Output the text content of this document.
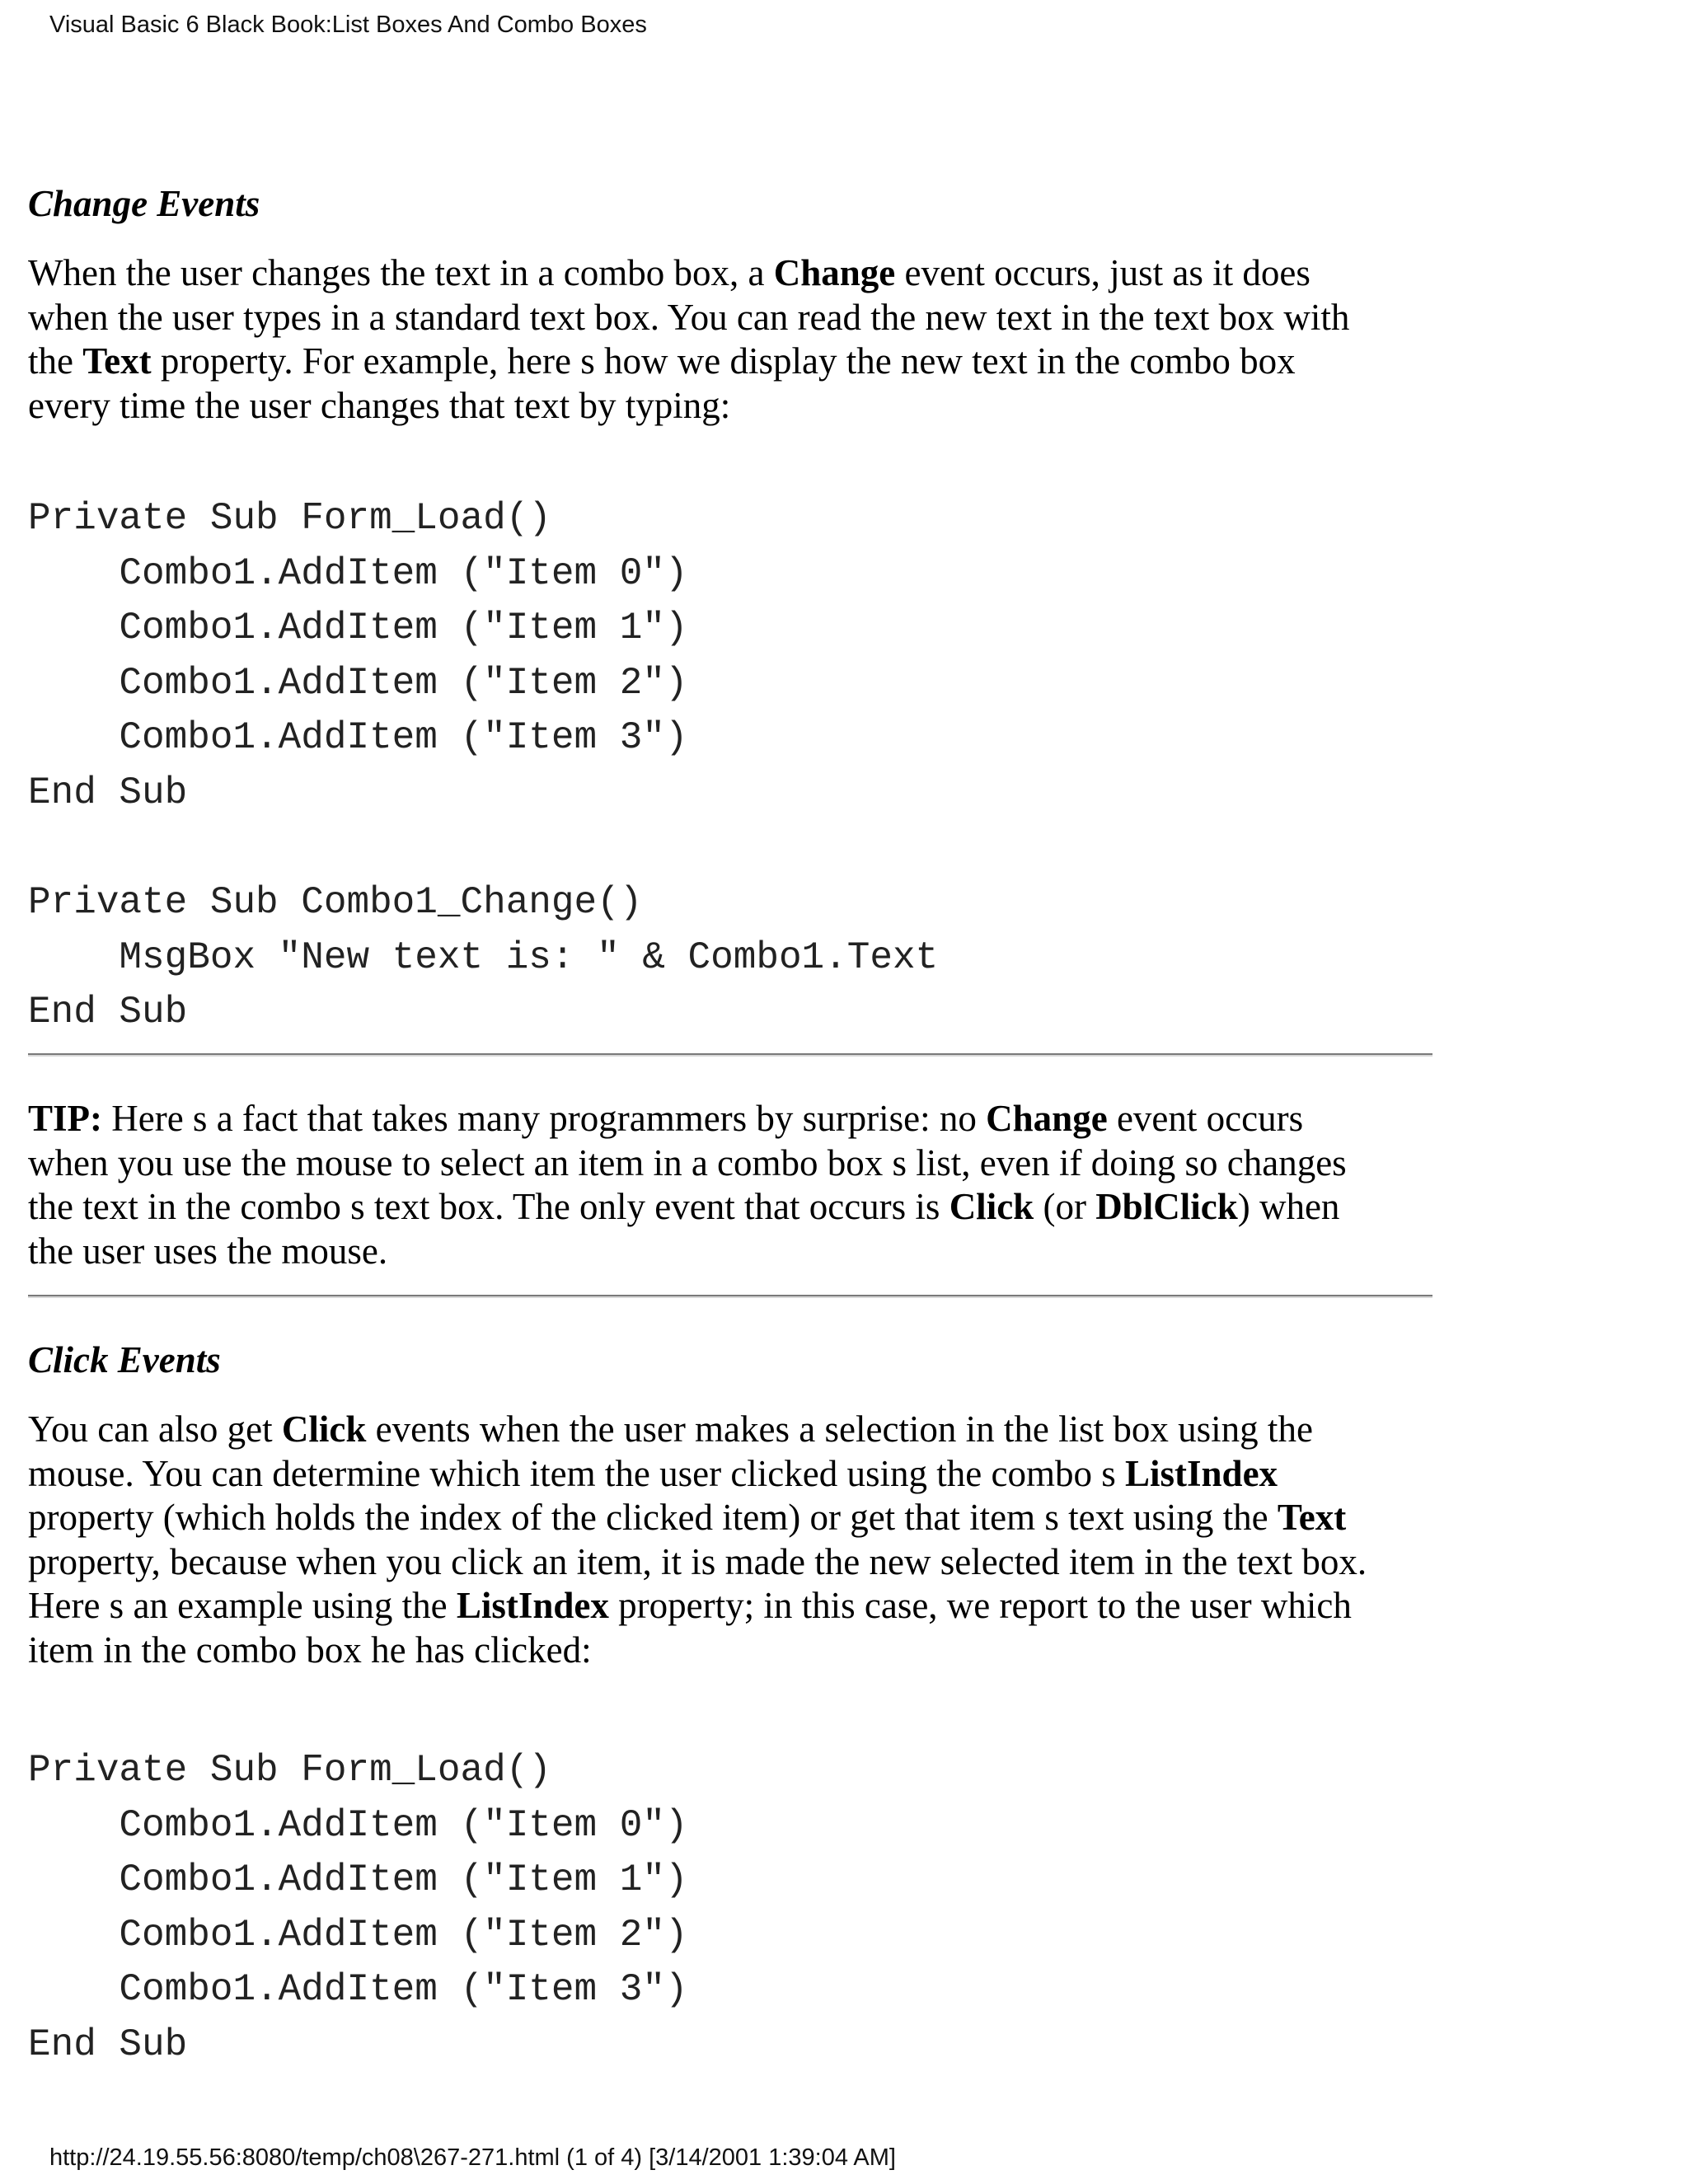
Visual Basic 6 Black Book:List Boxes And Combo Boxes
Change Events
When the user changes the text in a combo box, a Change event occurs, just as it does
when the user types in a standard text box. You can read the new text in the text box with
the Text property. For example, here s how we display the new text in the combo box
every time the user changes that text by typing:
Private Sub Form_Load()
Combo1.AddItem ("Item 0")
Combo1.AddItem ("Item 1")
Combo1.AddItem ("Item 2")
Combo1.AddItem ("Item 3")
End Sub
Private Sub Combo1_Change()
MsgBox "New text is: " & Combo1.Text
End Sub
TIP: Here s a fact that takes many programmers by surprise: no Change event occurs
when you use the mouse to select an item in a combo box s list, even if doing so changes
the text in the combo s text box. The only event that occurs is Click (or DblClick) when
the user uses the mouse.
Click Events
You can also get Click events when the user makes a selection in the list box using the
mouse. You can determine which item the user clicked using the combo s ListIndex
property (which holds the index of the clicked item) or get that item s text using the Text
property, because when you click an item, it is made the new selected item in the text box.
Here s an example using the ListIndex property; in this case, we report to the user which
item in the combo box he has clicked:
Private Sub Form_Load()
Combo1.AddItem ("Item 0")
Combo1.AddItem ("Item 1")
Combo1.AddItem ("Item 2")
Combo1.AddItem ("Item 3")
End Sub
http://24.19.55.56:8080/temp/ch08\267-271.html (1 of 4) [3/14/2001 1:39:04 AM]
